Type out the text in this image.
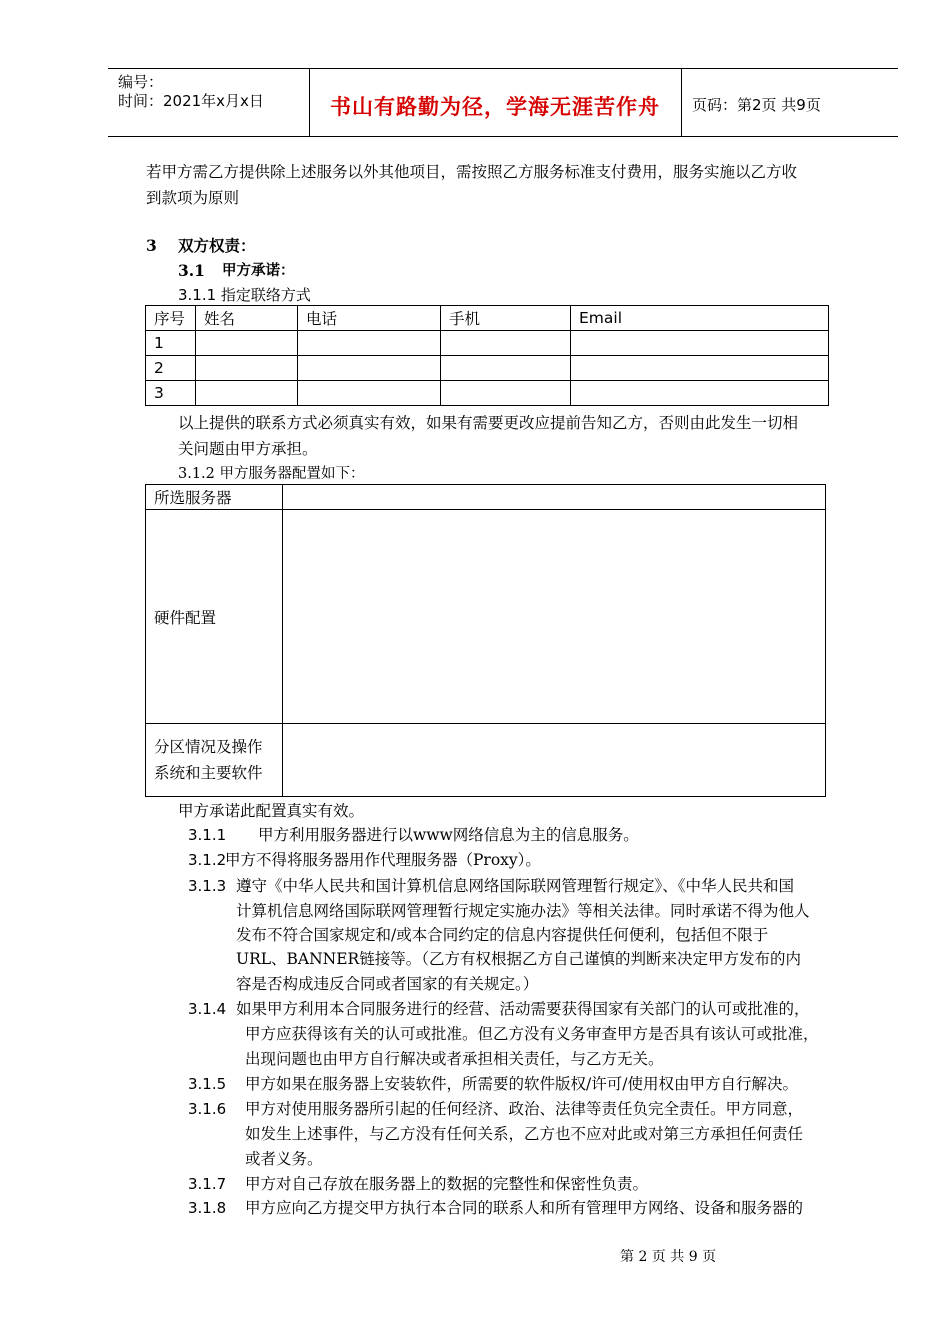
编号：
时间：2021年x月x日	书山有路勤为径，学海无涯苦作舟 页码：第2页 共9页
若甲方需乙方提供除上述服务以外其他项目，需按照乙方服务标准支付费用，服务实施以乙方收
到款项为原则
3 双方权责：
3.1 甲方承诺：
3.1.1 指定联络方式
序号	姓名	电话	手机	Email
1				
2				
3				
以上提供的联系方式必须真实有效，如果有需要更改应提前告知乙方，否则由此发生一切相
关问题由甲方承担。
3.1.2 甲方服务器配置如下：
所选服务器	
硬件配置	

分区情况及操作
系统和主要软件	

甲方承诺此配置真实有效。
3.1.1 甲方利用服务器进行以www网络信息为主的信息服务。
3.1.2
甲方不得将服务器用作代理服务器（Proxy）。
3.1.3 遵守《中华人民共和国计算机信息网络国际联网管理暂行规定》、《中华人民共和国
计算机信息网络国际联网管理暂行规定实施办法》等相关法律。同时承诺不得为他人
发布不符合国家规定和/或本合同约定的信息内容提供任何便利，包括但不限于
URL、BANNER链接等。（乙方有权根据乙方自己谨慎的判断来决定甲方发布的内
容是否构成违反合同或者国家的有关规定。）
3.1.4 如果甲方利用本合同服务进行的经营、活动需要获得国家有关部门的认可或批准的，
甲方应获得该有关的认可或批准。但乙方没有义务审查甲方是否具有该认可或批准，
出现问题也由甲方自行解决或者承担相关责任，与乙方无关。
3.1.5 甲方如果在服务器上安装软件，所需要的软件版权/许可/使用权由甲方自行解决。
3.1.6 甲方对使用服务器所引起的任何经济、政治、法律等责任负完全责任。甲方同意，
如发生上述事件，与乙方没有任何关系，乙方也不应对此或对第三方承担任何责任
或者义务。
3.1.7 甲方对自己存放在服务器上的数据的完整性和保密性负责。
3.1.8 甲方应向乙方提交甲方执行本合同的联系人和所有管理甲方网络、设备和服务器的
第 2 页 共 9 页
